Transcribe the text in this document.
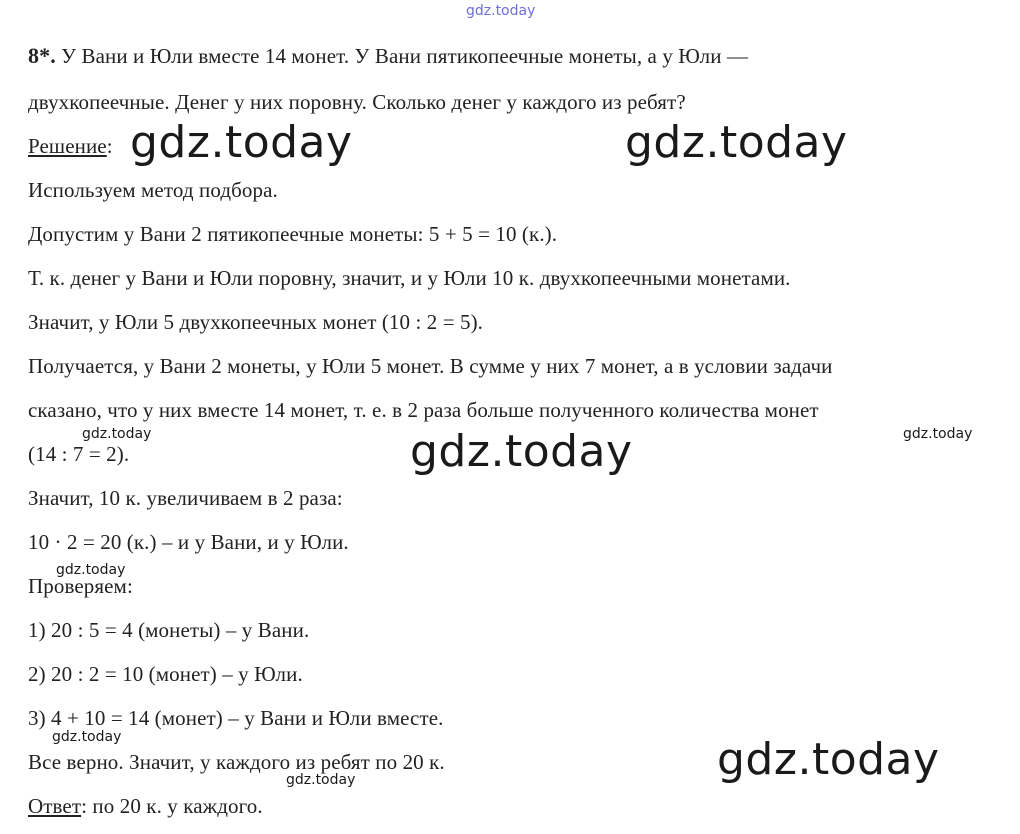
gdz.today
8*. У Вани и Юли вместе 14 монет. У Вани пятикопеечные монеты, а у Юли —
двухкопеечные. Денег у них поровну. Сколько денег у каждого из ребят?
Решение:
Используем метод подбора.
Допустим у Вани 2 пятикопеечные монеты: 5 + 5 = 10 (к.).
Т. к. денег у Вани и Юли поровну, значит, и у Юли 10 к. двухкопеечными монетами.
Значит, у Юли 5 двухкопеечных монет (10 : 2 = 5).
Получается, у Вани 2 монеты, у Юли 5 монет. В сумме у них 7 монет, а в условии задачи
сказано, что у них вместе 14 монет, т. е. в 2 раза больше полученного количества монет
(14 : 7 = 2).
Значит, 10 к. увеличиваем в 2 раза:
10 · 2 = 20 (к.) – и у Вани, и у Юли.
Проверяем:
1) 20 : 5 = 4 (монеты) – у Вани.
2) 20 : 2 = 10 (монет) – у Юли.
3) 4 + 10 = 14 (монет) – у Вани и Юли вместе.
Все верно. Значит, у каждого из ребят по 20 к.
Ответ: по 20 к. у каждого.
gdz.today	gdz.today
gdz.today
gdz.today
gdz.today	gdz.today
gdz.today
gdz.today
gdz.today
